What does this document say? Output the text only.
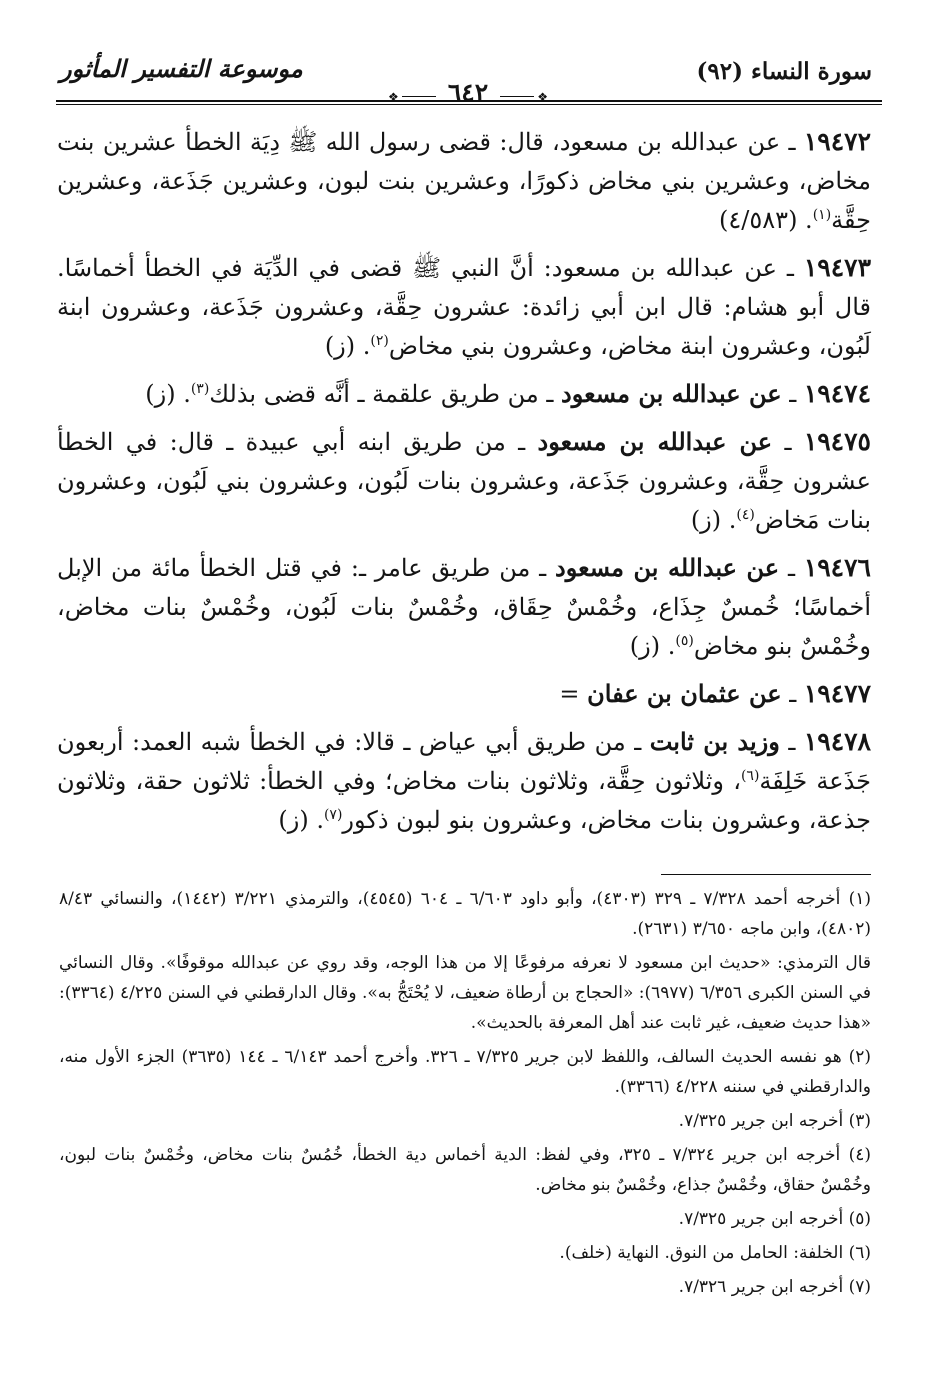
سورة النساء (٩٢)
❖
٦٤٢
❖
موسوعة التفسير المأثور

١٩٤٧٢ ـ عن عبدالله بن مسعود، قال: قضى رسول الله ﷺ دِيَة الخطأ عشرين بنت مخاض، وعشرين بني مخاض ذكورًا، وعشرين بنت لبون، وعشرين جَذَعة، وعشرين حِقَّة$^{(١)}$. (٤/٥٨٣)

١٩٤٧٣ ـ عن عبدالله بن مسعود: أنَّ النبي ﷺ قضى في الدِّيَة في الخطأ أخماسًا. قال أبو هشام: قال ابن أبي زائدة: عشرون حِقَّة، وعشرون جَذَعة، وعشرون ابنة لَبُون، وعشرون ابنة مخاض، وعشرون بني مخاض$^{(٢)}$. (ز)

١٩٤٧٤ ـ عن عبدالله بن مسعود ـ من طريق علقمة ـ أنَّه قضى بذلك$^{(٣)}$. (ز)

١٩٤٧٥ ـ عن عبدالله بن مسعود ـ من طريق ابنه أبي عبيدة ـ قال: في الخطأ عشرون حِقَّة، وعشرون جَذَعة، وعشرون بنات لَبُون، وعشرون بني لَبُون، وعشرون بنات مَخاض$^{(٤)}$. (ز)

١٩٤٧٦ ـ عن عبدالله بن مسعود ـ من طريق عامر ـ: في قتل الخطأ مائة من الإبل أخماسًا؛ خُمسٌ جِذَاع، وخُمْسٌ حِقَاق، وخُمْسٌ بنات لَبُون، وخُمْسٌ بنات مخاض، وخُمْسٌ بنو مخاض$^{(٥)}$. (ز)

١٩٤٧٧ ـ عن عثمان بن عفان =

١٩٤٧٨ ـ وزيد بن ثابت ـ من طريق أبي عياض ـ قالا: في الخطأ شبه العمد: أربعون جَذَعة خَلِفَة$^{(٦)}$، وثلاثون حِقَّة، وثلاثون بنات مخاض؛ وفي الخطأ: ثلاثون حقة، وثلاثون جذعة، وعشرون بنات مخاض، وعشرون بنو لبون ذكور$^{(٧)}$. (ز)

(١) أخرجه أحمد ٧/٣٢٨ ـ ٣٢٩ (٤٣٠٣)، وأبو داود ٦/٦٠٣ ـ ٦٠٤ (٤٥٤٥)، والترمذي ٣/٢٢١ (١٤٤٢)، والنسائي ٨/٤٣ (٤٨٠٢)، وابن ماجه ٣/٦٥٠ (٢٦٣١).

قال الترمذي: «حديث ابن مسعود لا نعرفه مرفوعًا إلا من هذا الوجه، وقد روي عن عبدالله موقوفًا». وقال النسائي في السنن الكبرى ٦/٣٥٦ (٦٩٧٧): «الحجاج بن أرطاة ضعيف، لا يُحْتَجُّ به». وقال الدارقطني في السنن ٤/٢٢٥ (٣٣٦٤): «هذا حديث ضعيف، غير ثابت عند أهل المعرفة بالحديث».

(٢) هو نفسه الحديث السالف، واللفظ لابن جرير ٧/٣٢٥ ـ ٣٢٦. وأخرج أحمد ٦/١٤٣ ـ ١٤٤ (٣٦٣٥) الجزء الأول منه، والدارقطني في سننه ٤/٢٢٨ (٣٣٦٦).

(٣) أخرجه ابن جرير ٧/٣٢٥.

(٤) أخرجه ابن جرير ٧/٣٢٤ ـ ٣٢٥، وفي لفظ: الدية أخماس دية الخطأ، خُمُسٌ بنات مخاض، وخُمْسٌ بنات لبون، وخُمْسٌ حقاق، وخُمْسٌ جذاع، وخُمْسٌ بنو مخاض.

(٥) أخرجه ابن جرير ٧/٣٢٥.

(٦) الخلفة: الحامل من النوق. النهاية (خلف).

(٧) أخرجه ابن جرير ٧/٣٢٦.
